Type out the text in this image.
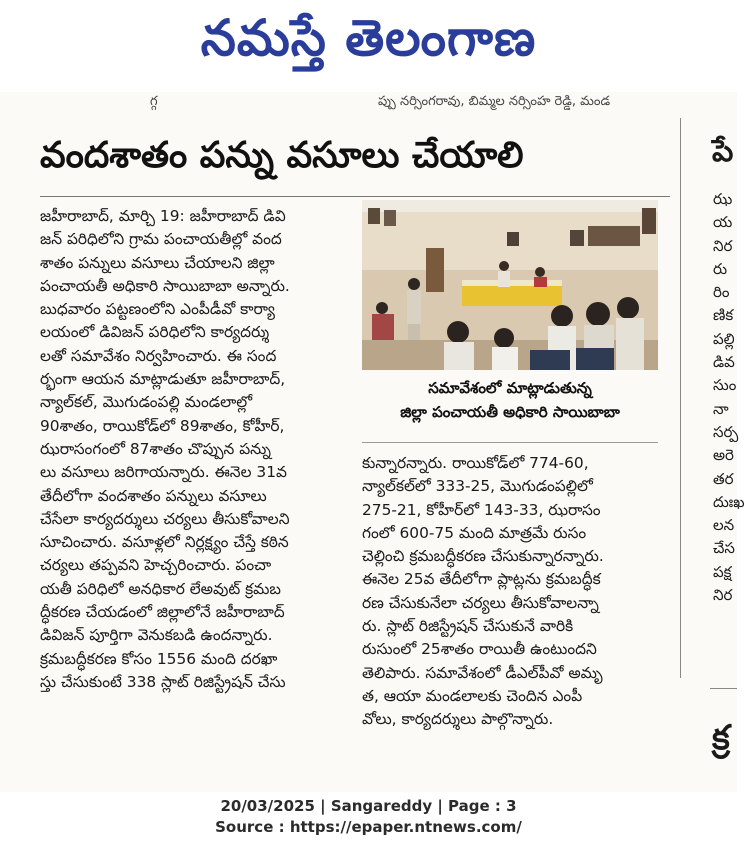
నమస్తే తెలంగాణ
గ్గ	ప్పు నర్సింగరావు, బిమ్మల నర్సింహ రెడ్డి, మండ
వందశాతం పన్ను వసూలు చేయాలి	పే
ఝ
య
నిర
రు
రిం
ణిక
పల్లి
డివ
సుం
నా
సర్ప
అరె
తర
దుఃఖ
లన
చేస
పక్ష
నిర
క్ర
జహీరాబాద్, మార్చి 19: జహీరాబాద్ డివి
జన్ పరిధిలోని గ్రామ పంచాయతీల్లో వంద
శాతం పన్నులు వసూలు చేయాలని జిల్లా
పంచాయతీ అధికారి సాయిబాబా అన్నారు.
బుధవారం పట్టణంలోని ఎంపీడీవో కార్యా
లయంలో డివిజన్ పరిధిలోని కార్యదర్శు
లతో సమావేశం నిర్వహించారు. ఈ సంద
ర్భంగా ఆయన మాట్లాడుతూ జహీరాబాద్,
న్యాల్‌కల్, మొగుడంపల్లి మండలాల్లో
90శాతం, రాయికోడ్‌లో 89శాతం, కోహీర్,
ఝరాసంగంలో 87శాతం చొప్పున పన్ను
లు వసూలు జరిగాయన్నారు. ఈనెల 31వ
తేదీలోగా వందశాతం పన్నులు వసూలు
చేసేలా కార్యదర్శులు చర్యలు తీసుకోవాలని
సూచించారు. వసూళ్లలో నిర్లక్ష్యం చేస్తే కఠిన
చర్యలు తప్పవని హెచ్చరించారు. పంచా
యతీ పరిధిలో అనధికార లేఅవుట్ క్రమబ
ద్ధీకరణ చేయడంలో జిల్లాలోనే జహీరాబాద్
డివిజన్ పూర్తిగా వెనుకబడి ఉందన్నారు.
క్రమబద్ధీకరణ కోసం 1556 మంది దరఖా
స్తు చేసుకుంటే 338 స్లాట్ రిజిస్ట్రేషన్ చేసు
సమావేశంలో మాట్లాడుతున్న
జిల్లా పంచాయతీ అధికారి సాయిబాబా
కున్నారన్నారు. రాయికోడ్‌లో 774-60,
న్యాల్‌కల్‌లో 333-25, మొగుడంపల్లిలో
275-21, కోహీర్‌లో 143-33, ఝరాసం
గంలో 600-75 మంది మాత్రమే రుసం
చెల్లించి క్రమబద్ధీకరణ చేసుకున్నారన్నారు.
ఈనెల 25వ తేదీలోగా ప్లాట్లను క్రమబద్ధీక
రణ చేసుకునేలా చర్యలు తీసుకోవాలన్నా
రు. స్లాట్ రిజిస్ట్రేషన్ చేసుకునే వారికి
రుసుంలో 25శాతం రాయితీ ఉంటుందని
తెలిపారు. సమావేశంలో డీఎల్‌పీవో అమృ
త, ఆయా మండలాలకు చెందిన ఎంపీ
వోలు, కార్యదర్శులు పాల్గొన్నారు.
20/03/2025 | Sangareddy | Page : 3
Source : https://epaper.ntnews.com/
